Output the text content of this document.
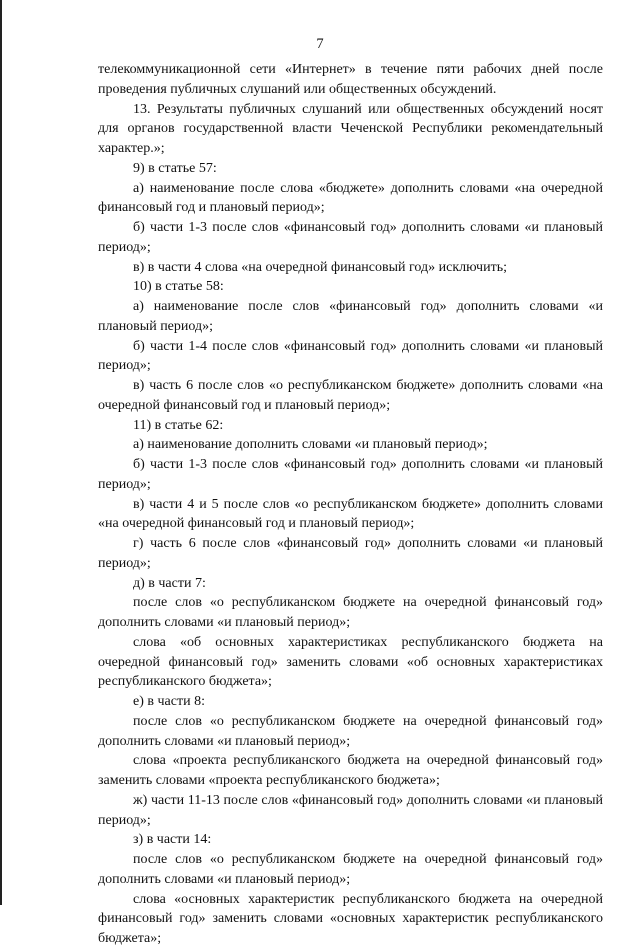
7

телекоммуникационной сети «Интернет» в течение пяти рабочих дней после проведения публичных слушаний или общественных обсуждений.

13. Результаты публичных слушаний или общественных обсуждений носят для органов государственной власти Чеченской Республики рекомендательный характер.»;

9) в статье 57:

а) наименование после слова «бюджете» дополнить словами «на очередной финансовый год и плановый период»;

б) части 1-3 после слов «финансовый год» дополнить словами «и плановый период»;

в) в части 4 слова «на очередной финансовый год» исключить;

10) в статье 58:

а) наименование после слов «финансовый год» дополнить словами «и плановый период»;

б) части 1-4 после слов «финансовый год» дополнить словами «и плановый период»;

в) часть 6 после слов «о республиканском бюджете» дополнить словами «на очередной финансовый год и плановый период»;

11) в статье 62:

а) наименование дополнить словами «и плановый период»;

б) части 1-3 после слов «финансовый год» дополнить словами «и плановый период»;

в) части 4 и 5 после слов «о республиканском бюджете» дополнить словами «на очередной финансовый год и плановый период»;

г) часть 6 после слов «финансовый год» дополнить словами «и плановый период»;

д) в части 7:

после слов «о республиканском бюджете на очередной финансовый год» дополнить словами «и плановый период»;

слова «об основных характеристиках республиканского бюджета на очередной финансовый год» заменить словами «об основных характеристиках республиканского бюджета»;

е) в части 8:

после слов «о республиканском бюджете на очередной финансовый год» дополнить словами «и плановый период»;

слова «проекта республиканского бюджета на очередной финансовый год» заменить словами «проекта республиканского бюджета»;

ж) части 11-13 после слов «финансовый год» дополнить словами «и плановый период»;

з) в части 14:

после слов «о республиканском бюджете на очередной финансовый год» дополнить словами «и плановый период»;

слова «основных характеристик республиканского бюджета на очередной финансовый год» заменить словами «основных характеристик республиканского бюджета»;
